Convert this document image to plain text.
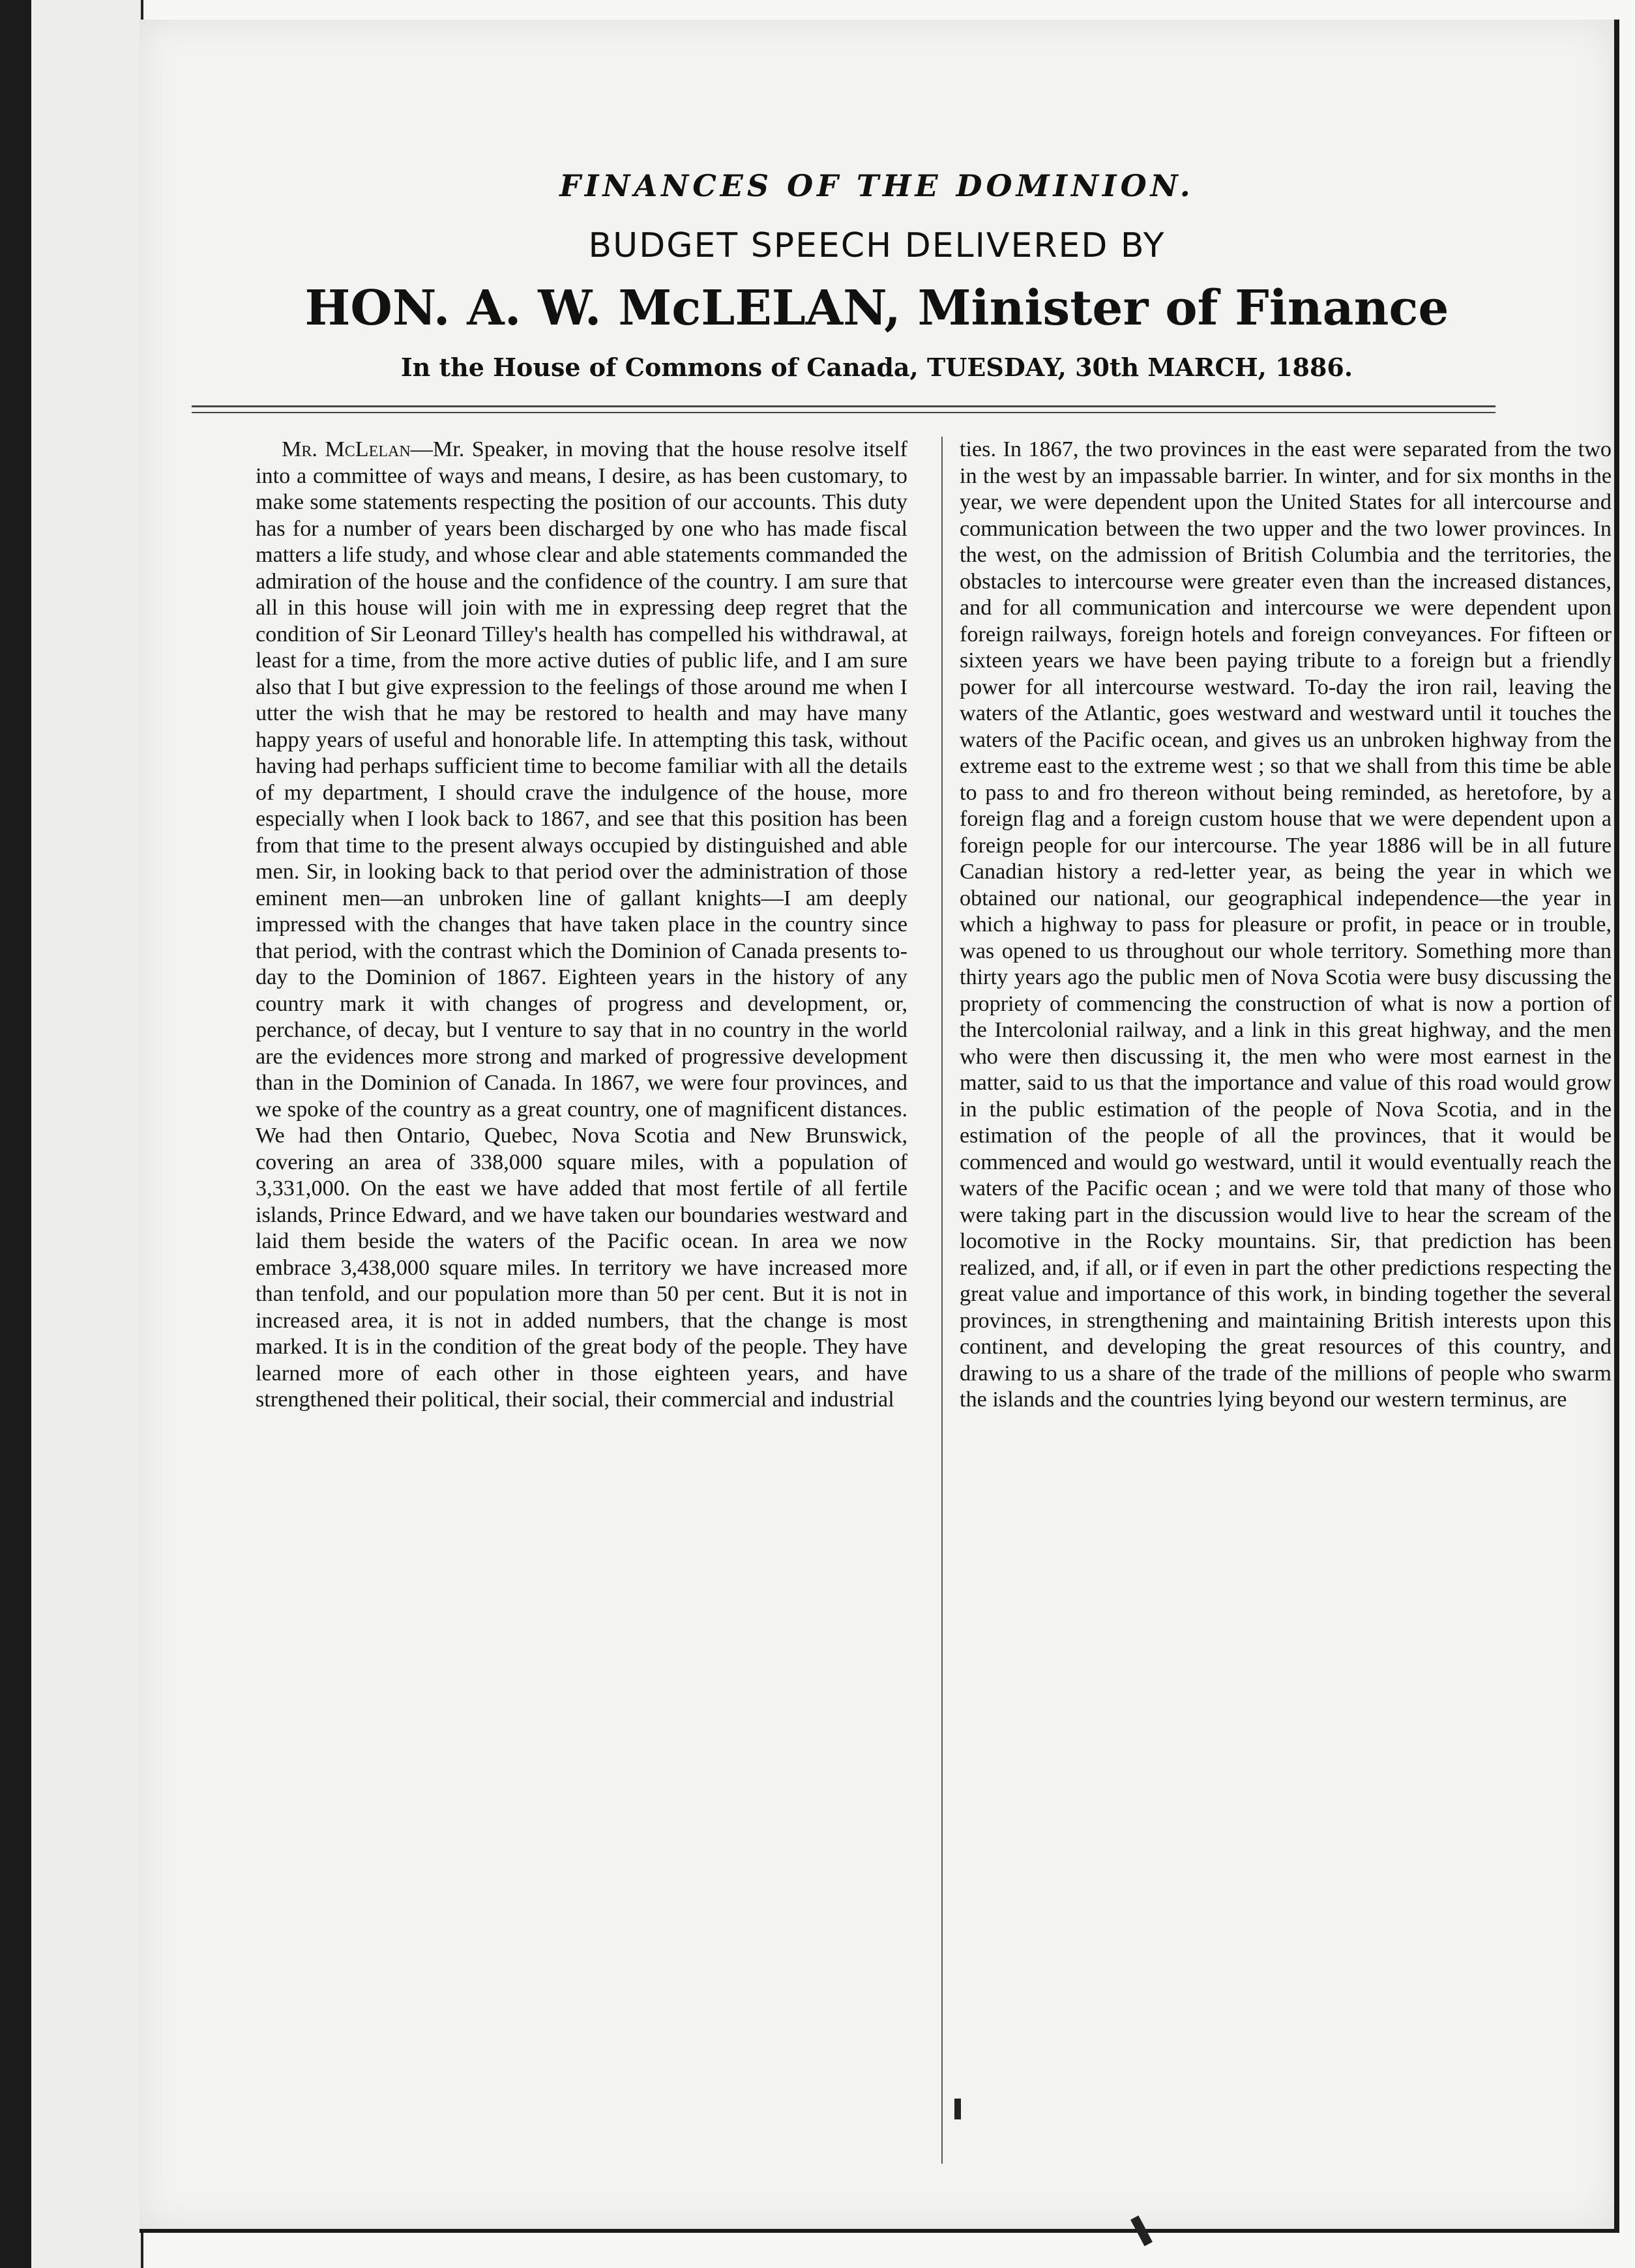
FINANCES OF THE DOMINION.

BUDGET SPEECH DELIVERED BY

HON. A. W. McLELAN, Minister of Finance

In the House of Commons of Canada, TUESDAY, 30th MARCH, 1886.

Mr. McLelan—Mr. Speaker, in moving that the house resolve itself into a committee of ways and means, I desire, as has been customary, to make some statements respecting the position of our accounts. This duty has for a number of years been discharged by one who has made fiscal matters a life study, and whose clear and able statements commanded the admiration of the house and the confidence of the country. I am sure that all in this house will join with me in expressing deep regret that the condition of Sir Leonard Tilley's health has compelled his withdrawal, at least for a time, from the more active duties of public life, and I am sure also that I but give expression to the feelings of those around me when I utter the wish that he may be restored to health and may have many happy years of useful and honorable life. In attempting this task, without having had perhaps sufficient time to become familiar with all the details of my department, I should crave the indulgence of the house, more especially when I look back to 1867, and see that this position has been from that time to the present always occupied by distinguished and able men. Sir, in looking back to that period over the administration of those eminent men—an unbroken line of gallant knights—I am deeply impressed with the changes that have taken place in the country since that period, with the contrast which the Dominion of Canada presents to-day to the Dominion of 1867. Eighteen years in the history of any country mark it with changes of progress and development, or, perchance, of decay, but I venture to say that in no country in the world are the evidences more strong and marked of progressive development than in the Dominion of Canada. In 1867, we were four provinces, and we spoke of the country as a great country, one of magnificent distances. We had then Ontario, Quebec, Nova Scotia and New Brunswick, covering an area of 338,000 square miles, with a population of 3,331,000. On the east we have added that most fertile of all fertile islands, Prince Edward, and we have taken our boundaries westward and laid them beside the waters of the Pacific ocean. In area we now embrace 3,438,000 square miles. In territory we have increased more than tenfold, and our population more than 50 per cent. But it is not in increased area, it is not in added numbers, that the change is most marked. It is in the condition of the great body of the people. They have learned more of each other in those eighteen years, and have strengthened their political, their social, their commercial and industrial

ties. In 1867, the two provinces in the east were separated from the two in the west by an impassable barrier. In winter, and for six months in the year, we were dependent upon the United States for all intercourse and communication between the two upper and the two lower provinces. In the west, on the admission of British Columbia and the territories, the obstacles to intercourse were greater even than the increased distances, and for all communication and intercourse we were dependent upon foreign railways, foreign hotels and foreign conveyances. For fifteen or sixteen years we have been paying tribute to a foreign but a friendly power for all intercourse westward. To-day the iron rail, leaving the waters of the Atlantic, goes westward and westward until it touches the waters of the Pacific ocean, and gives us an unbroken highway from the extreme east to the extreme west ; so that we shall from this time be able to pass to and fro thereon without being reminded, as heretofore, by a foreign flag and a foreign custom house that we were dependent upon a foreign people for our intercourse. The year 1886 will be in all future Canadian history a red-letter year, as being the year in which we obtained our national, our geographical independence—the year in which a highway to pass for pleasure or profit, in peace or in trouble, was opened to us throughout our whole territory. Something more than thirty years ago the public men of Nova Scotia were busy discussing the propriety of commencing the construction of what is now a portion of the Intercolonial railway, and a link in this great highway, and the men who were then discussing it, the men who were most earnest in the matter, said to us that the importance and value of this road would grow in the public estimation of the people of Nova Scotia, and in the estimation of the people of all the provinces, that it would be commenced and would go westward, until it would eventually reach the waters of the Pacific ocean ; and we were told that many of those who were taking part in the discussion would live to hear the scream of the locomotive in the Rocky mountains. Sir, that prediction has been realized, and, if all, or if even in part the other predictions respecting the great value and importance of this work, in binding together the several provinces, in strengthening and maintaining British interests upon this continent, and developing the great resources of this country, and drawing to us a share of the trade of the millions of people who swarm the islands and the countries lying beyond our western terminus, are
